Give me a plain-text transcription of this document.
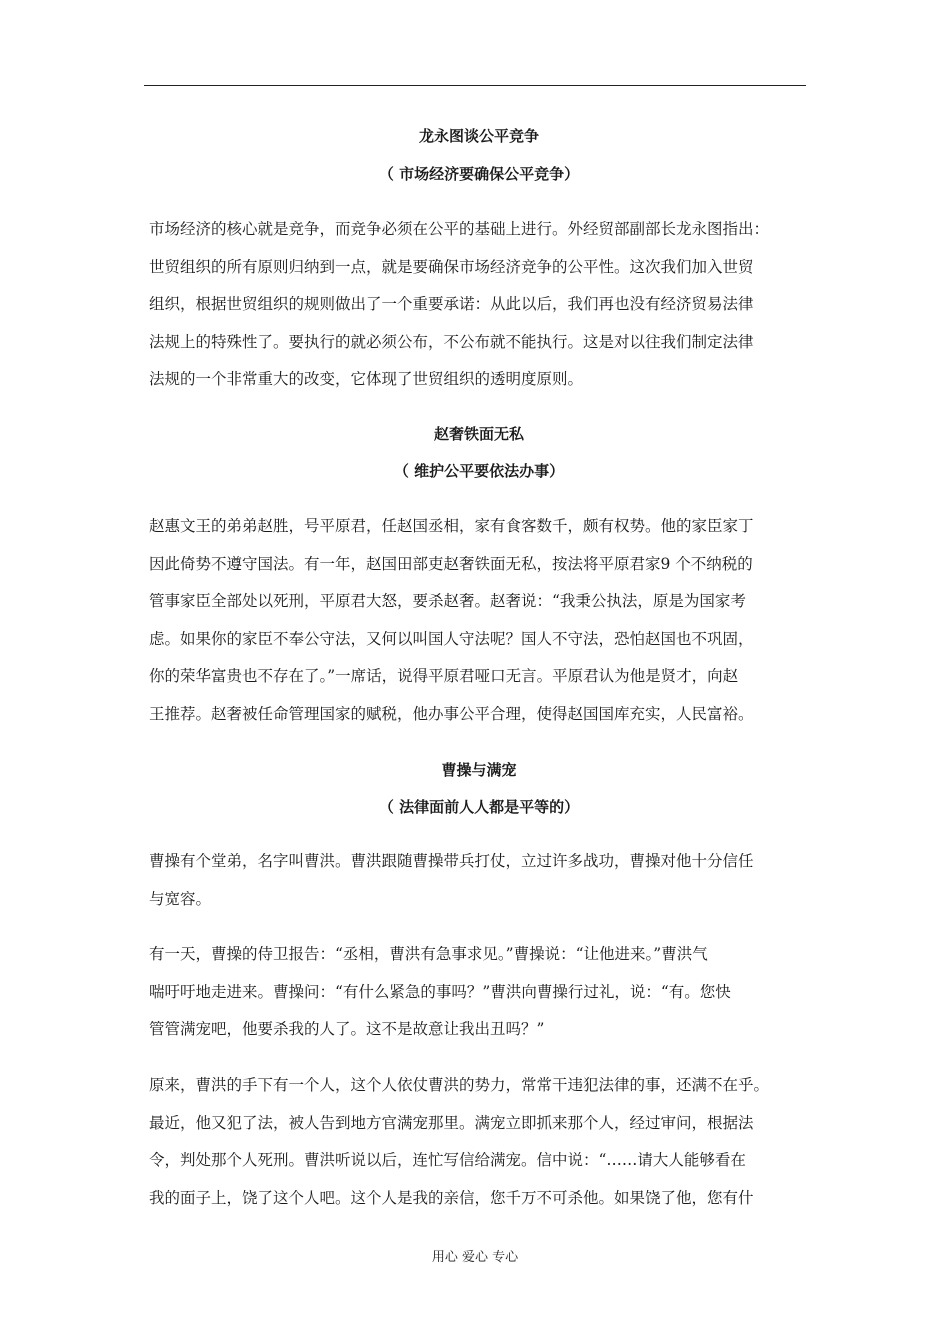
龙永图谈公平竞争
（ 市场经济要确保公平竞争）
市场经济的核心就是竞争，而竞争必须在公平的基础上进行。外经贸部副部长龙永图指出：
世贸组织的所有原则归纳到一点，就是要确保市场经济竞争的公平性。这次我们加入世贸
组织，根据世贸组织的规则做出了一个重要承诺：从此以后，我们再也没有经济贸易法律
法规上的特殊性了。要执行的就必须公布，不公布就不能执行。这是对以往我们制定法律
法规的一个非常重大的改变，它体现了世贸组织的透明度原则。
赵奢铁面无私
（ 维护公平要依法办事）
赵惠文王的弟弟赵胜，号平原君，任赵国丞相，家有食客数千，颇有权势。他的家臣家丁
因此倚势不遵守国法。有一年，赵国田部吏赵奢铁面无私，按法将平原君家9 个不纳税的
管事家臣全部处以死刑，平原君大怒，要杀赵奢。赵奢说：“我秉公执法，原是为国家考
虑。如果你的家臣不奉公守法，又何以叫国人守法呢？国人不守法，恐怕赵国也不巩固，
你的荣华富贵也不存在了。”一席话，说得平原君哑口无言。平原君认为他是贤才，向赵
王推荐。赵奢被任命管理国家的赋税，他办事公平合理，使得赵国国库充实，人民富裕。
曹操与满宠
（ 法律面前人人都是平等的）
曹操有个堂弟，名字叫曹洪。曹洪跟随曹操带兵打仗，立过许多战功，曹操对他十分信任
与宽容。
有一天，曹操的侍卫报告：“丞相，曹洪有急事求见。”曹操说：“让他进来。”曹洪气
喘吁吁地走进来。曹操问：“有什么紧急的事吗？”曹洪向曹操行过礼，说：“有。您快
管管满宠吧，他要杀我的人了。这不是故意让我出丑吗？”
原来，曹洪的手下有一个人，这个人依仗曹洪的势力，常常干违犯法律的事，还满不在乎。
最近，他又犯了法，被人告到地方官满宠那里。满宠立即抓来那个人，经过审问，根据法
令，判处那个人死刑。曹洪听说以后，连忙写信给满宠。信中说：“……请大人能够看在
我的面子上，饶了这个人吧。这个人是我的亲信，您千万不可杀他。如果饶了他，您有什
用心 爱心 专心
